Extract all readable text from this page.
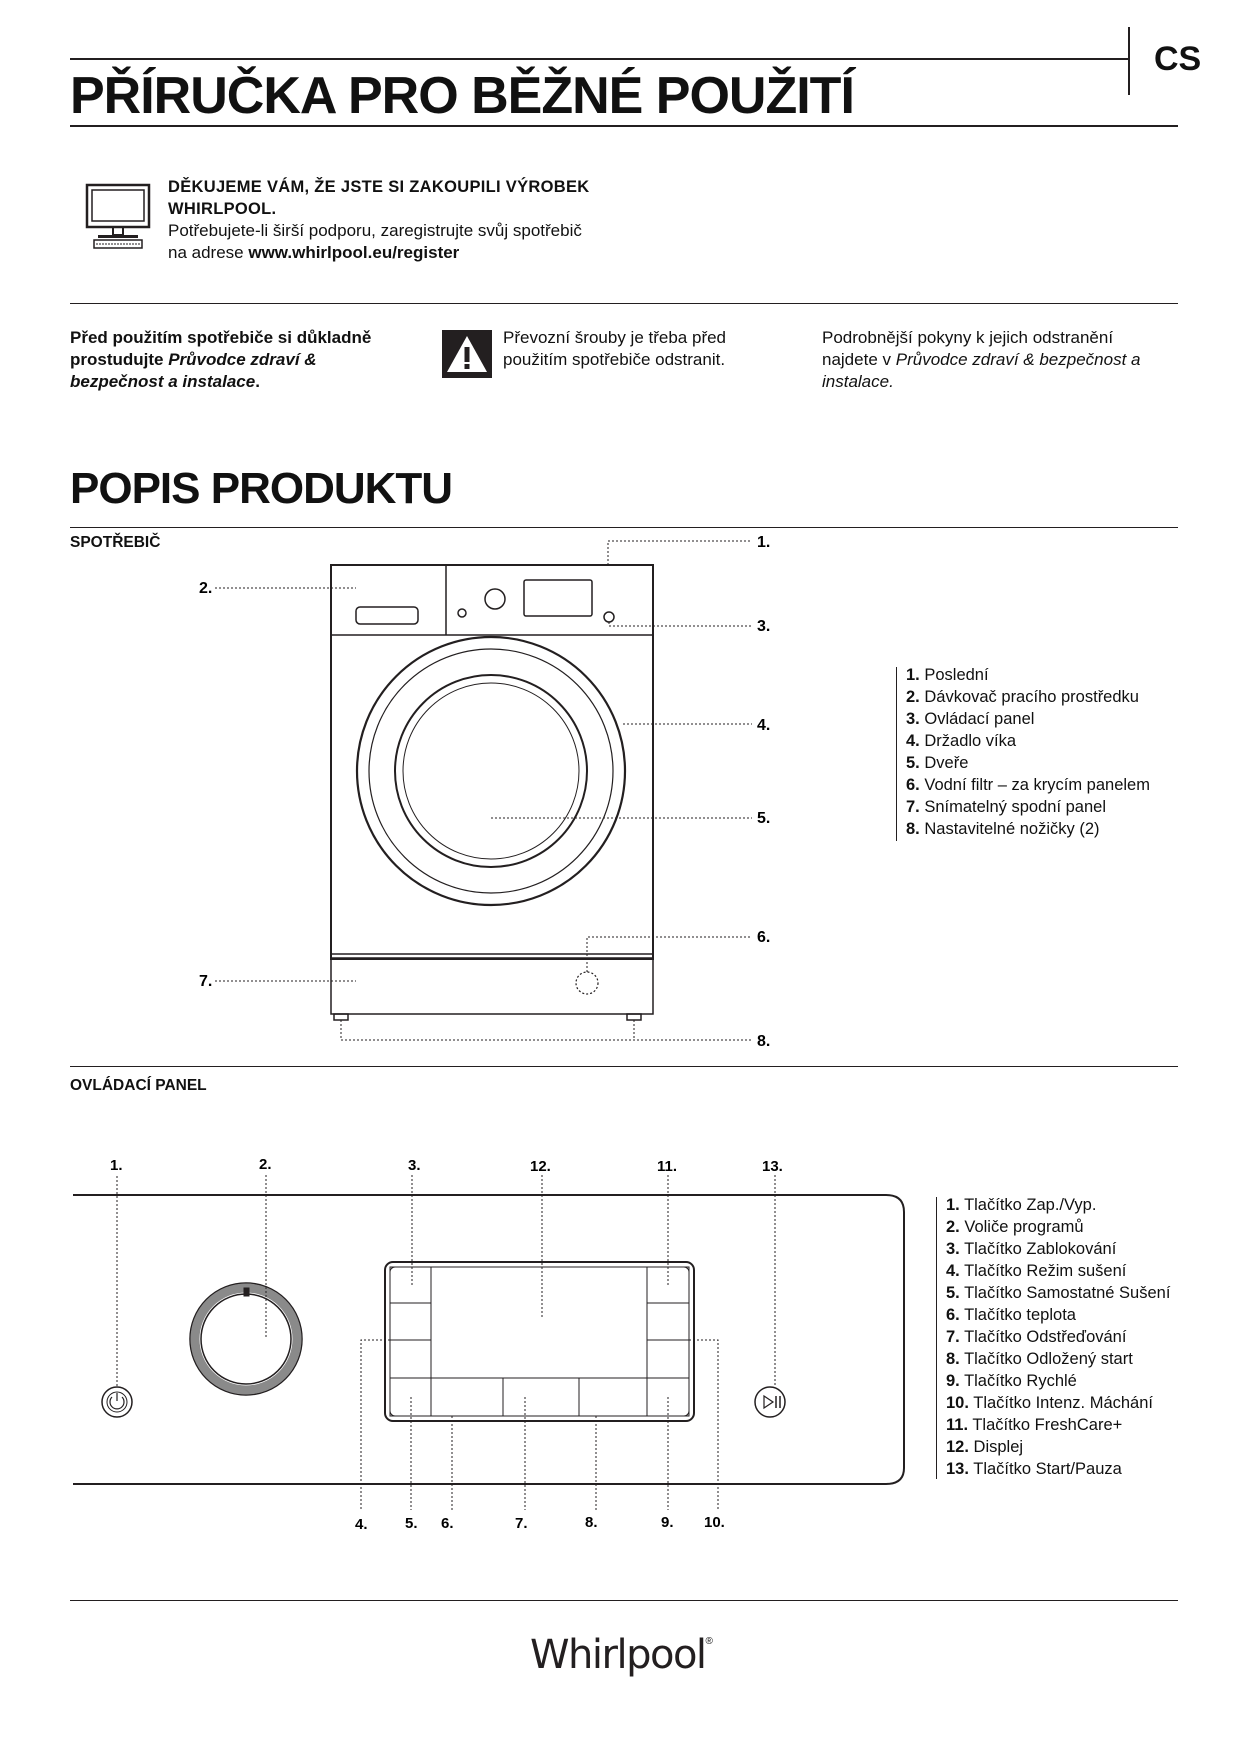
CS
PŘÍRUČKA PRO BĚŽNÉ POUŽITÍ
DĚKUJEME VÁM, ŽE JSTE SI ZAKOUPILI VÝROBEK
WHIRLPOOL.
Potřebujete-li širší podporu, zaregistrujte svůj spotřebič
na adrese www.whirlpool.eu/register
Před použitím spotřebiče si důkladně prostudujte Průvodce zdraví & bezpečnost a instalace.
Převozní šrouby je třeba před použitím spotřebiče odstranit.
Podrobnější pokyny k jejich odstranění najdete v Průvodce zdraví & bezpečnost a instalace.
POPIS PRODUKTU
SPOTŘEBIČ	1.
2.
3.
4.
5.
6.
7.
8.
1. Poslední
2. Dávkovač pracího prostředku
3. Ovládací panel
4. Držadlo víka
5. Dveře
6. Vodní filtr – za krycím panelem
7. Snímatelný spodní panel
8. Nastavitelné nožičky (2)
OVLÁDACÍ PANEL
1.	2.	3.	12.	11.	13.
4. 5. 6.	7.	8.	9. 10.
1. Tlačítko Zap./Vyp.
2. Voliče programů
3. Tlačítko Zablokování
4. Tlačítko Režim sušení
5. Tlačítko Samostatné Sušení
6. Tlačítko teplota
7. Tlačítko Odstřeďování
8. Tlačítko Odložený start
9. Tlačítko Rychlé
10. Tlačítko Intenz. Máchání
11. Tlačítko FreshCare+
12. Displej
13. Tlačítko Start/Pauza
Whirlpool®
